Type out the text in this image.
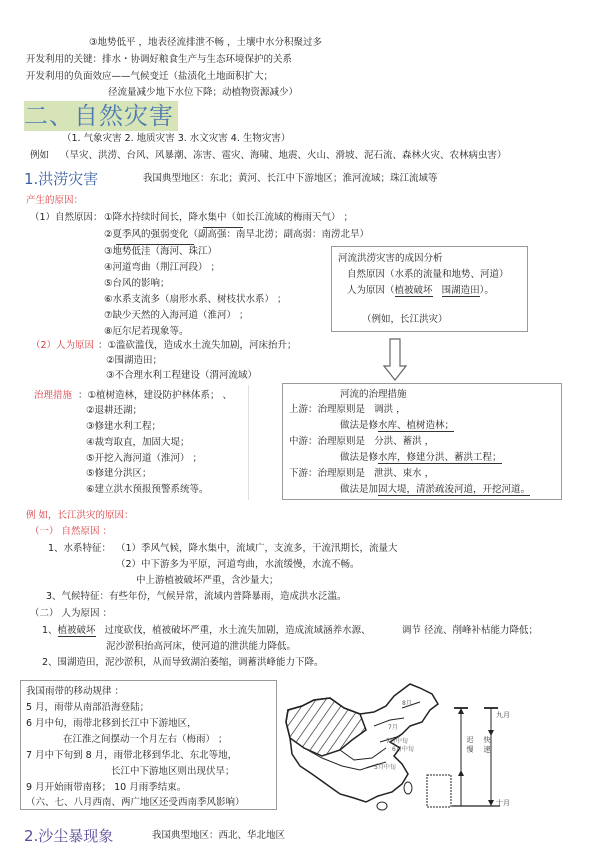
③地势低平 ，地表径流排泄不畅 ，土壤中水分积聚过多
开发利用的关键：排水・协调好粮食生产与生态环境保护的关系
开发利用的负面效应——气候变迁（盐渍化土地面积扩大；
径流量减少地下水位下降；动植物资源减少）
二、自然灾害
（1. 气象灾害 2. 地质灾害 3. 水文灾害 4. 生物灾害）
例如 （旱灾、洪涝、台风、风暴潮、冻害、雹灾、海啸、地震、火山、滑坡、泥石流、森林火灾、农林病虫害）
1.洪涝灾害	我国典型地区：东北；黄河、长江中下游地区；淮河流域；珠江流域等
产生的原因：
（1）自然原因： ①降水持续时间长，降水集中（如长江流域的梅雨天气） ；
②夏季风的强弱变化（副高强：南旱北涝；副高弱：南涝北旱）
③地势低洼（海河、珠江）
④河道弯曲（荆江河段） ；
⑤台风的影响；
⑥水系支流多（扇形水系、树枝状水系） ；
⑦缺少天然的入海河道（淮河） ；
⑧厄尔尼若现象等。
河流洪涝灾害的成因分析
自然原因（水系的流量和地势、河道）
人为原因（植被破坏 围湖造田）。
（例如，长江洪灾）
（2）人为原因 ：①滥砍滥伐，造成水土流失加剧，河床抬升；
②围湖造田；
③不合理水利工程建设（渭河流域）
治理措施 ：①植树造林，建设防护林体系； 、
②退耕还湖；
③修建水利工程；
④裁弯取直，加固大堤；
⑤开挖入海河道（淮河） ；
⑤修建分洪区；
⑥建立洪水预报预警系统等。
河流的治理措施
上游：治理原则是 调洪 ，
做法是修水库、植树造林；
中游：治理原则是 分洪、蓄洪 ，
做法是修水库，修建分洪、蓄洪工程；
下游：治理原则是 泄洪、束水 ，
做法是加固大堤，清淤疏浚河道，开挖河道。
例 如，长江洪灾的原因：
（一） 自然原因 ：
1、水系特征： （1）季风气候，降水集中，流域广，支流多，干流汛期长，流量大
（2）中下游多为平原，河道弯曲，水流缓慢，水流不畅。
中上游植被破坏严重，含沙量大；
3、气候特征：有些年份，气候异常，流域内普降暴雨，造成洪水泛滥。
（二） 人为原因 ：
1、植被破坏 过度砍伐，植被破坏严重，水土流失加剧，造成流域涵养水源、	调节 径流、削峰补枯能力降低；
泥沙淤积抬高河床，使河道的泄洪能力降低。
2、围湖造田，泥沙淤积，从而导致湖泊萎缩，调蓄洪峰能力下降。
我国雨带的移动规律 ：
5 月，雨带从南部沿海登陆；
6 月中旬，雨带北移到长江中下游地区，
在江淮之间摆动一个月左右（梅雨） ；
7 月中下旬到 8 月，雨带北移到华北、东北等地，
长江中下游地区则出现伏旱；
9 月开始雨带南移； 10 月雨季结束。
（六、七、八月西南、两广地区还受西南季风影响）
8月
7月
7月中旬
6月中旬
5月中旬
迟 慢 快 速
九月
十月
2.沙尘暴现象	我国典型地区：西北、华北地区
